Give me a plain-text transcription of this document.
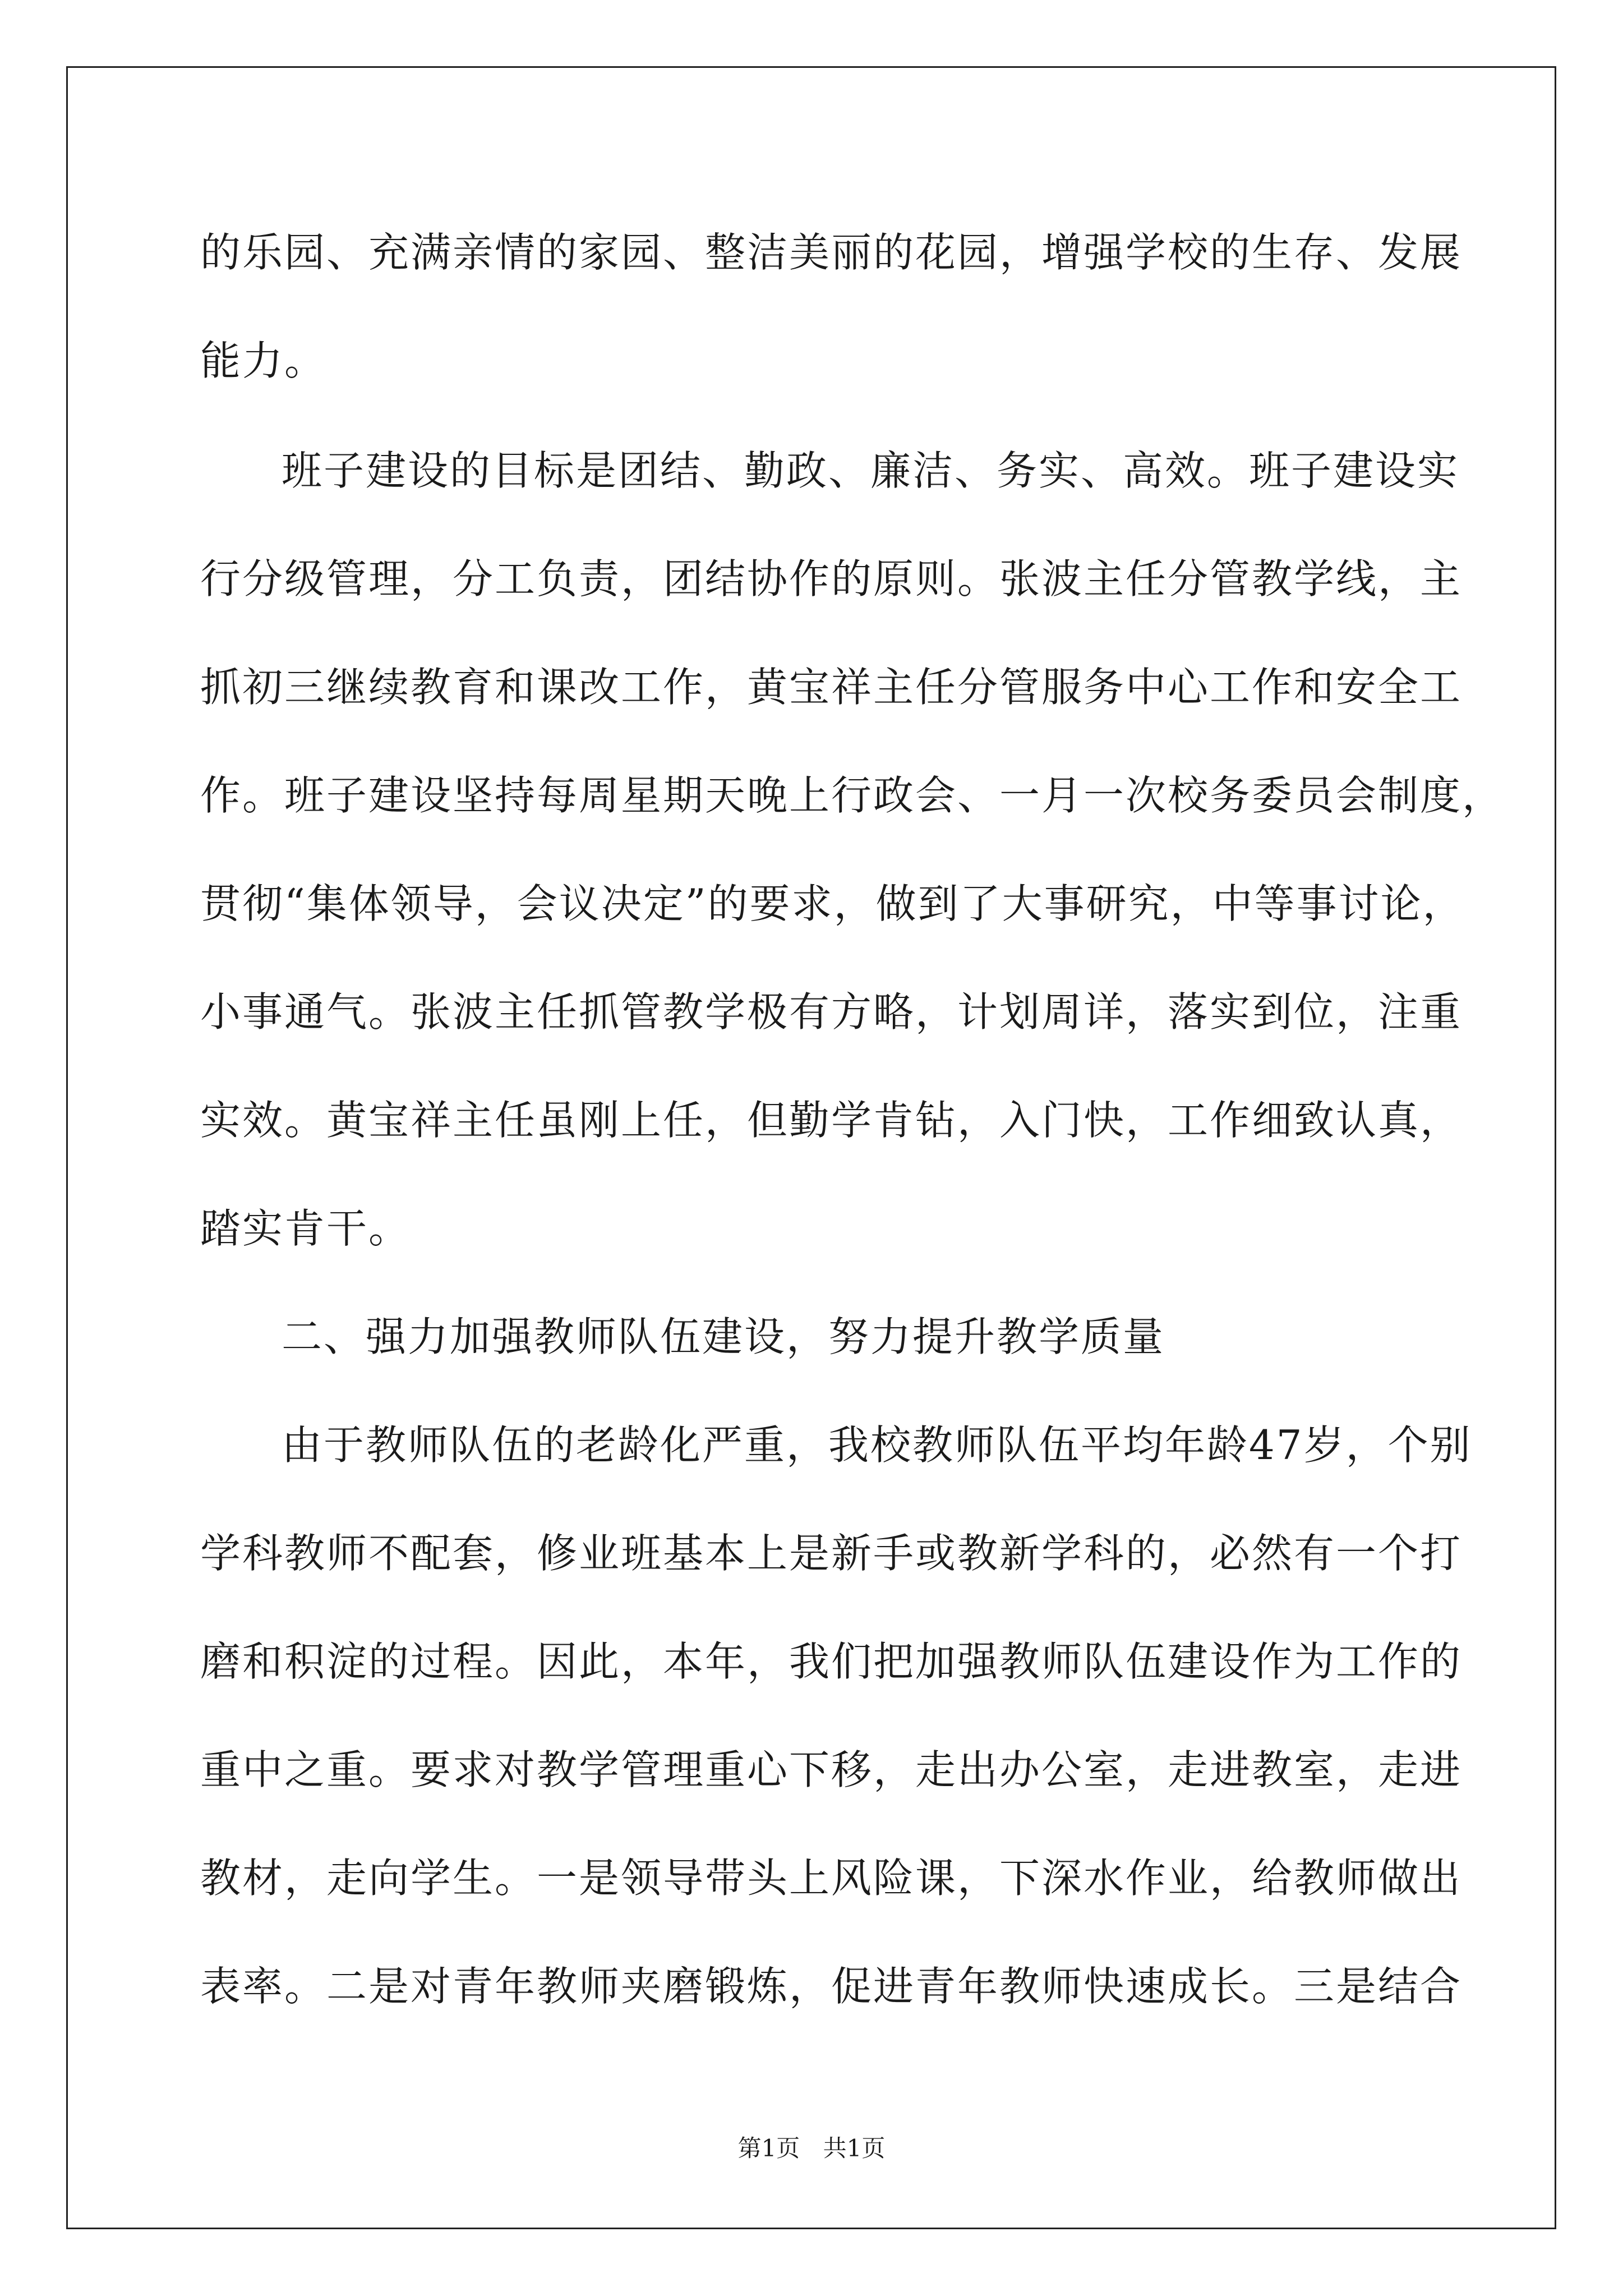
的乐园、充满亲情的家园、整洁美丽的花园，增强学校的生存、发展
能力。
班子建设的目标是团结、勤政、廉洁、务实、高效。班子建设实
行分级管理，分工负责，团结协作的原则。张波主任分管教学线，主
抓初三继续教育和课改工作，黄宝祥主任分管服务中心工作和安全工
作。班子建设坚持每周星期天晚上行政会、一月一次校务委员会制度，
贯彻“集体领导，会议决定”的要求，做到了大事研究，中等事讨论，
小事通气。张波主任抓管教学极有方略，计划周详，落实到位，注重
实效。黄宝祥主任虽刚上任，但勤学肯钻，入门快，工作细致认真，
踏实肯干。
二、强力加强教师队伍建设，努力提升教学质量
由于教师队伍的老龄化严重，我校教师队伍平均年龄47岁，个别
学科教师不配套，修业班基本上是新手或教新学科的，必然有一个打
磨和积淀的过程。因此，本年，我们把加强教师队伍建设作为工作的
重中之重。要求对教学管理重心下移，走出办公室，走进教室，走进
教材，走向学生。一是领导带头上风险课，下深水作业，给教师做出
表率。二是对青年教师夹磨锻炼，促进青年教师快速成长。三是结合
第1页 共1页
